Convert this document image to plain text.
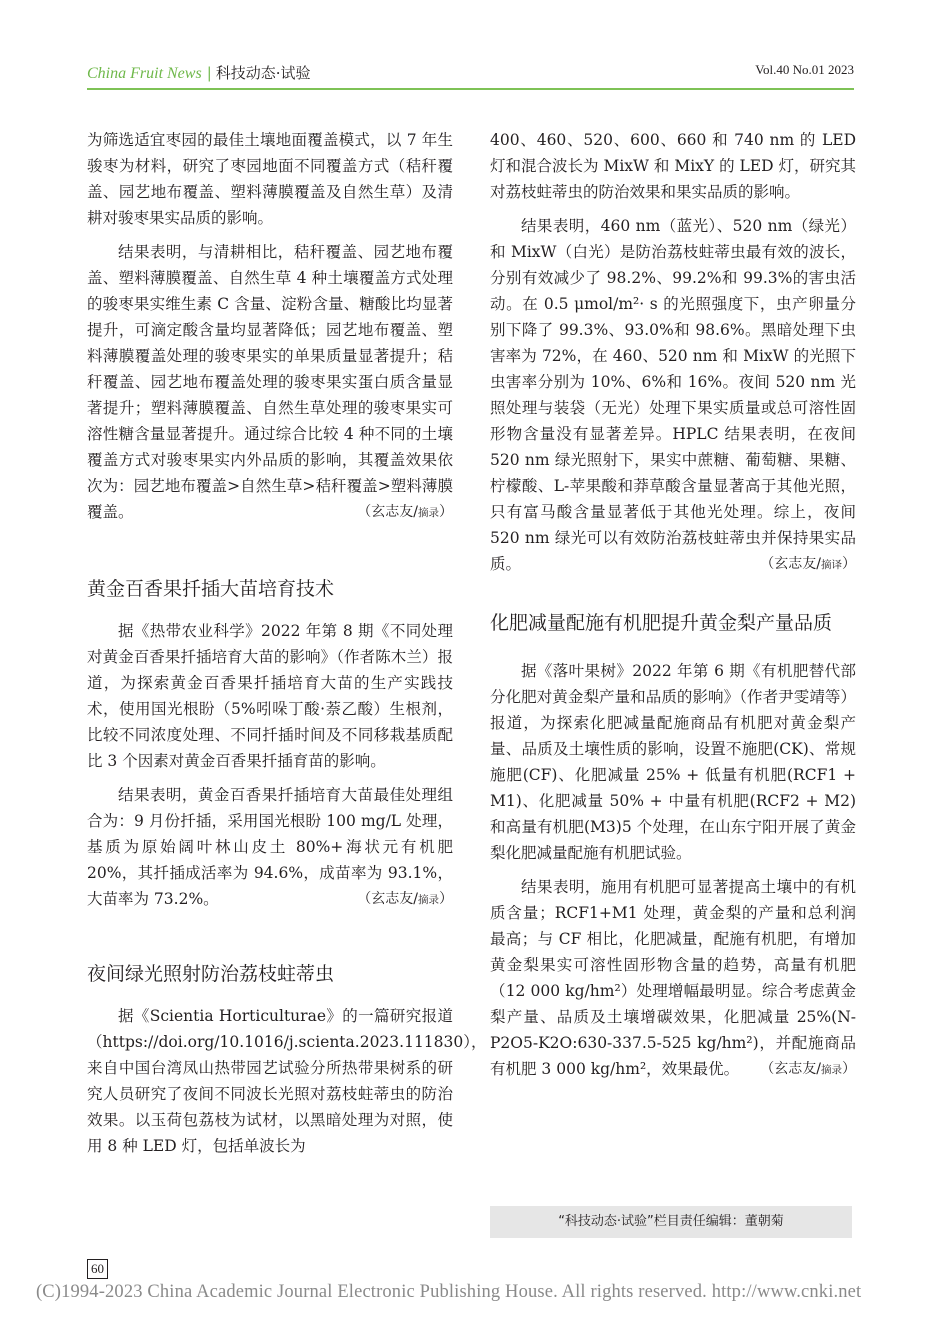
China Fruit News | 科技动态·试验	Vol.40 No.01 2023

为筛选适宜枣园的最佳土壤地面覆盖模式，以 7 年生骏枣为材料，研究了枣园地面不同覆盖方式（秸秆覆盖、园艺地布覆盖、塑料薄膜覆盖及自然生草）及清耕对骏枣果实品质的影响。

结果表明，与清耕相比，秸秆覆盖、园艺地布覆盖、塑料薄膜覆盖、自然生草 4 种土壤覆盖方式处理的骏枣果实维生素 C 含量、淀粉含量、糖酸比均显著提升，可滴定酸含量均显著降低；园艺地布覆盖、塑料薄膜覆盖处理的骏枣果实的单果质量显著提升；秸秆覆盖、园艺地布覆盖处理的骏枣果实蛋白质含量显著提升；塑料薄膜覆盖、自然生草处理的骏枣果实可溶性糖含量显著提升。通过综合比较 4 种不同的土壤覆盖方式对骏枣果实内外品质的影响，其覆盖效果依次为：园艺地布覆盖>自然生草>秸秆覆盖>塑料薄膜覆盖。	（玄志友/摘录）

黄金百香果扦插大苗培育技术

据《热带农业科学》2022 年第 8 期《不同处理对黄金百香果扦插培育大苗的影响》（作者陈木兰）报道，为探索黄金百香果扦插培育大苗的生产实践技术，使用国光根盼（5%吲哚丁酸·萘乙酸）生根剂，比较不同浓度处理、不同扦插时间及不同移栽基质配比 3 个因素对黄金百香果扦插育苗的影响。

结果表明，黄金百香果扦插培育大苗最佳处理组合为：9 月份扦插，采用国光根盼 100 mg/L 处理，基质为原始阔叶林山皮土 80%+海状元有机肥 20%，其扦插成活率为 94.6%，成苗率为 93.1%，大苗率为 73.2%。	（玄志友/摘录）

夜间绿光照射防治荔枝蛀蒂虫

据《Scientia Horticulturae》的一篇研究报道（https://doi.org/10.1016/j.scienta.2023.111830），来自中国台湾凤山热带园艺试验分所热带果树系的研究人员研究了夜间不同波长光照对荔枝蛀蒂虫的防治效果。以玉荷包荔枝为试材，以黑暗处理为对照，使用 8 种 LED 灯，包括单波长为

400、460、520、600、660 和 740 nm 的 LED 灯和混合波长为 MixW 和 MixY 的 LED 灯，研究其对荔枝蛀蒂虫的防治效果和果实品质的影响。

结果表明，460 nm（蓝光）、520 nm（绿光）和 MixW（白光）是防治荔枝蛀蒂虫最有效的波长，分别有效减少了 98.2%、99.2%和 99.3%的害虫活动。在 0.5 μmol/m²· s 的光照强度下，虫产卵量分别下降了 99.3%、93.0%和 98.6%。黑暗处理下虫害率为 72%，在 460、520 nm 和 MixW 的光照下虫害率分别为 10%、6%和 16%。夜间 520 nm 光照处理与装袋（无光）处理下果实质量或总可溶性固形物含量没有显著差异。HPLC 结果表明，在夜间 520 nm 绿光照射下，果实中蔗糖、葡萄糖、果糖、柠檬酸、L-苹果酸和莽草酸含量显著高于其他光照，只有富马酸含量显著低于其他光处理。综上，夜间 520 nm 绿光可以有效防治荔枝蛀蒂虫并保持果实品质。	（玄志友/摘译）

化肥减量配施有机肥提升黄金梨产量品质

据《落叶果树》2022 年第 6 期《有机肥替代部分化肥对黄金梨产量和品质的影响》（作者尹雯靖等）报道，为探索化肥减量配施商品有机肥对黄金梨产量、品质及土壤性质的影响，设置不施肥(CK)、常规施肥(CF)、化肥减量 25% + 低量有机肥(RCF1 + M1)、化肥减量 50% + 中量有机肥(RCF2 + M2)和高量有机肥(M3)5 个处理，在山东宁阳开展了黄金梨化肥减量配施有机肥试验。

结果表明，施用有机肥可显著提高土壤中的有机质含量；RCF1+M1 处理，黄金梨的产量和总利润最高；与 CF 相比，化肥减量，配施有机肥，有增加黄金梨果实可溶性固形物含量的趋势，高量有机肥（12 000 kg/hm²）处理增幅最明显。综合考虑黄金梨产量、品质及土壤增碳效果，化肥减量 25%(N-P2O5-K2O:630-337.5-525 kg/hm²)，并配施商品有机肥 3 000 kg/hm²，效果最优。	（玄志友/摘录）

“科技动态·试验”栏目责任编辑：董朝菊
60
(C)1994-2023 China Academic Journal Electronic Publishing House. All rights reserved. http://www.cnki.net
